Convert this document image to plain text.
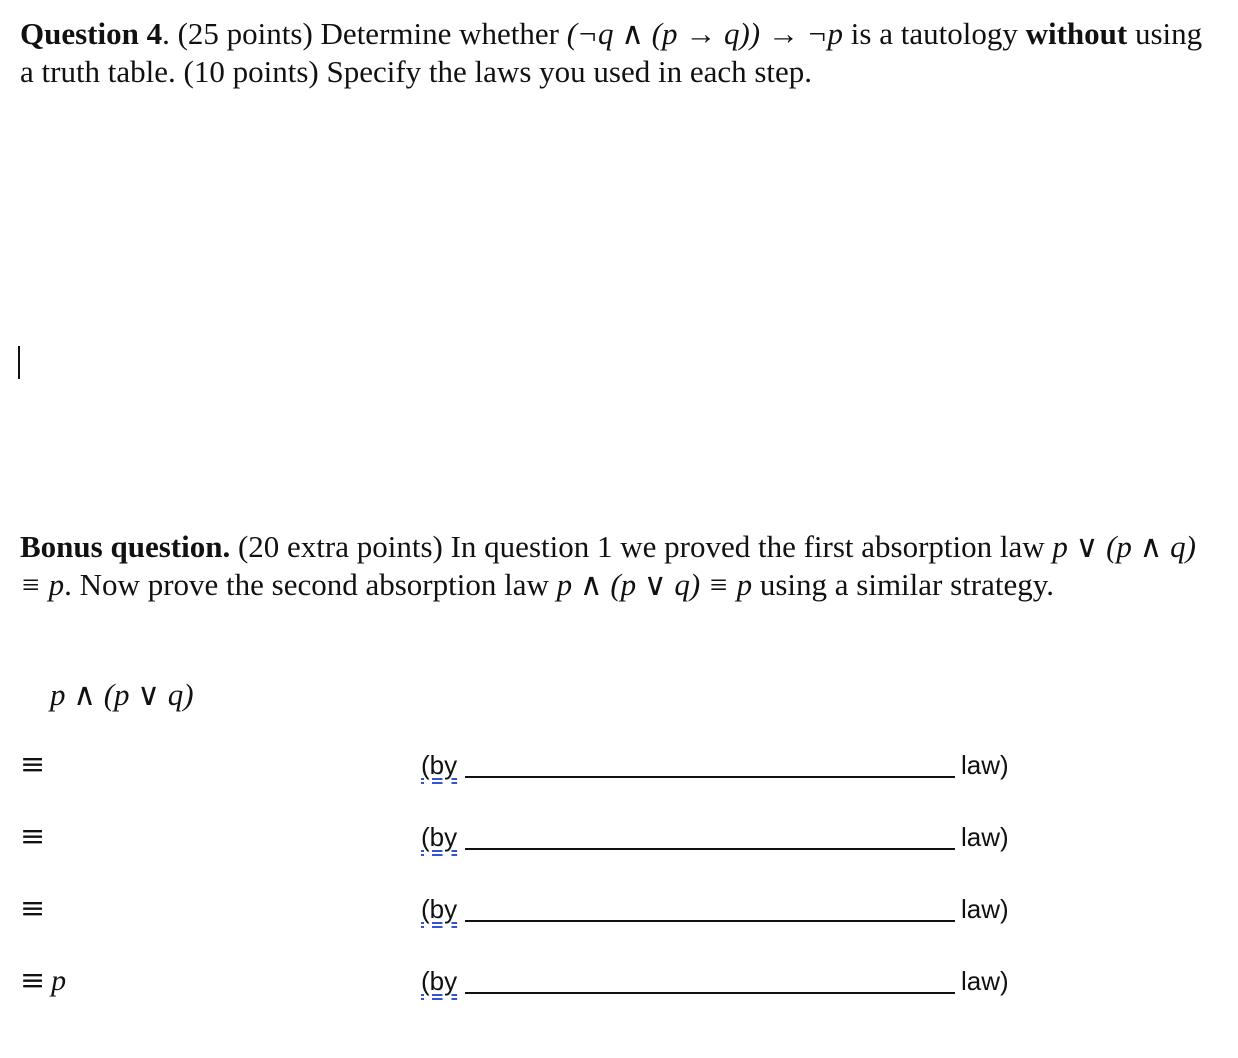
Question 4. (25 points) Determine whether (¬q ∧ (p → q)) → ¬p is a tautology without using a truth table. (10 points) Specify the laws you used in each step.

Bonus question. (20 extra points) In question 1 we proved the first absorption law p ∨ (p ∧ q) ≡ p. Now prove the second absorption law p ∧ (p ∨ q) ≡ p using a similar strategy.

p ∧ (p ∨ q)
≡	(by	law)
≡	(by	law)
≡	(by	law)
≡ p	(by	law)
